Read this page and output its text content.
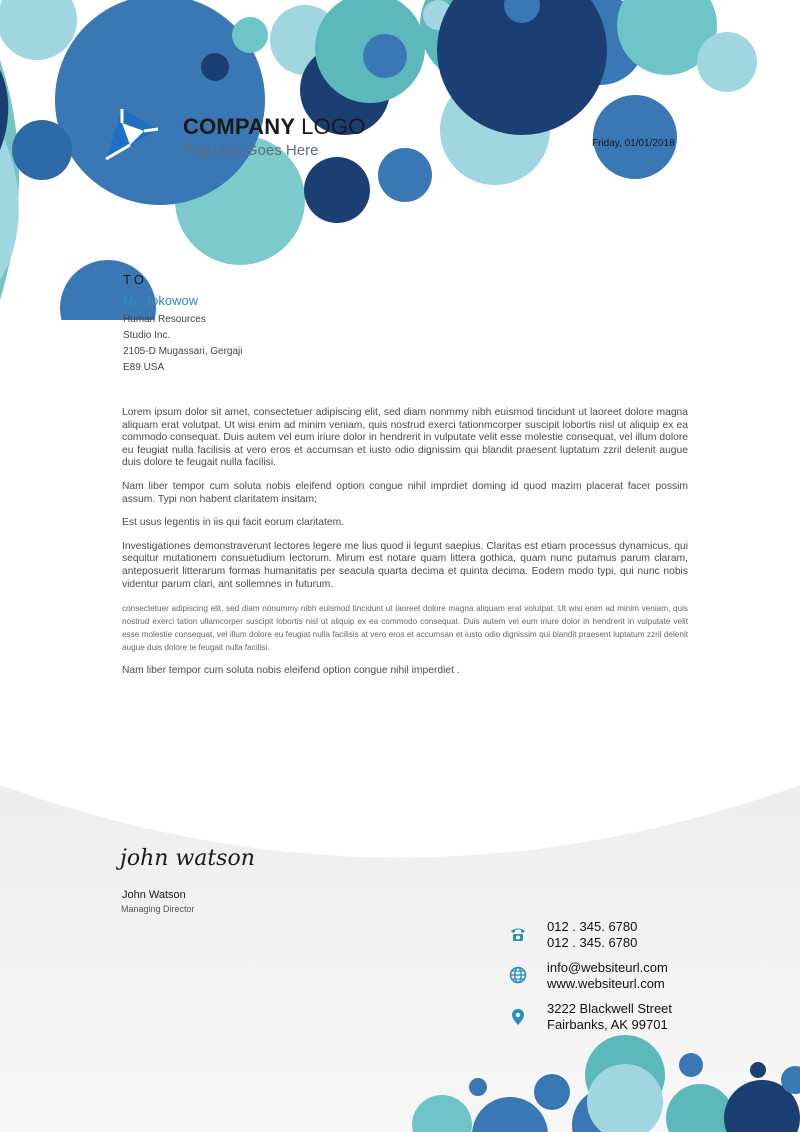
COMPANY LOGO
Tag Line Goes Here	Friday, 01/01/2018
TO
Mr. Jokowow
Human Resources
Studio Inc.
2105-D Mugassari, Gergaji
E89 USA

Lorem ipsum dolor sit amet, consectetuer adipiscing elit, sed diam nonmmy nibh euismod tincidunt ut laoreet dolore magna aliquam erat volutpat. Ut wisi enim ad minim veniam, quis nostrud exerci tationmcorper suscipit lobortis nisl ut aliquip ex ea commodo consequat. Duis autem vel eum iriure dolor in hendrerit in vulputate velit esse molestie consequat, vel illum dolore eu feugiat nulla facilisis at vero eros et accumsan et iusto odio dignissim qui blandit praesent luptatum zzril delenit augue duis dolore te feugait nulla facilisi.

Nam liber tempor cum soluta nobis eleifend option congue nihil imprdiet doming id quod mazim placerat facer possim assum. Typi non habent claritatem insitam;

Est usus legentis in iis qui facit eorum claritatem.

Investigationes demonstraverunt lectores legere me lius quod ii legunt saepius. Claritas est etiam processus dynamicus, qui sequitur mutationem consuetudium lectorum. Mirum est notare quam littera gothica, quam nunc putamus parum claram, anteposuerit litterarum formas humanitatis per seacula quarta decima et quinta decima. Eodem modo typi, qui nunc nobis videntur parum clari, ant sollemnes in futurum.

consectetuer adipiscing elit, sed diam nonummy nibh euismod tincidunt ut laoreet dolore magna aliquam erat volutpat. Ut wisi enim ad minim veniam, quis nostrud exerci tation ullamcorper suscipit lobortis nisl ut aliquip ex ea commodo consequat. Duis autem vel eum iriure dolor in hendrerit in vulputate velit esse molestie consequat, vel illum dolore eu feugiat nulla facilisis at vero eros et accumsan et iusto odio dignissim qui blandit praesent luptatum zzril delenit augue duis dolore te feugait nulla facilisi.

Nam liber tempor cum soluta nobis eleifend option congue nihil imperdiet .

john watson
John Watson
Managing Director
012 . 345. 6780
012 . 345. 6780
info@websiteurl.com
www.websiteurl.com
3222 Blackwell Street
Fairbanks, AK 99701
